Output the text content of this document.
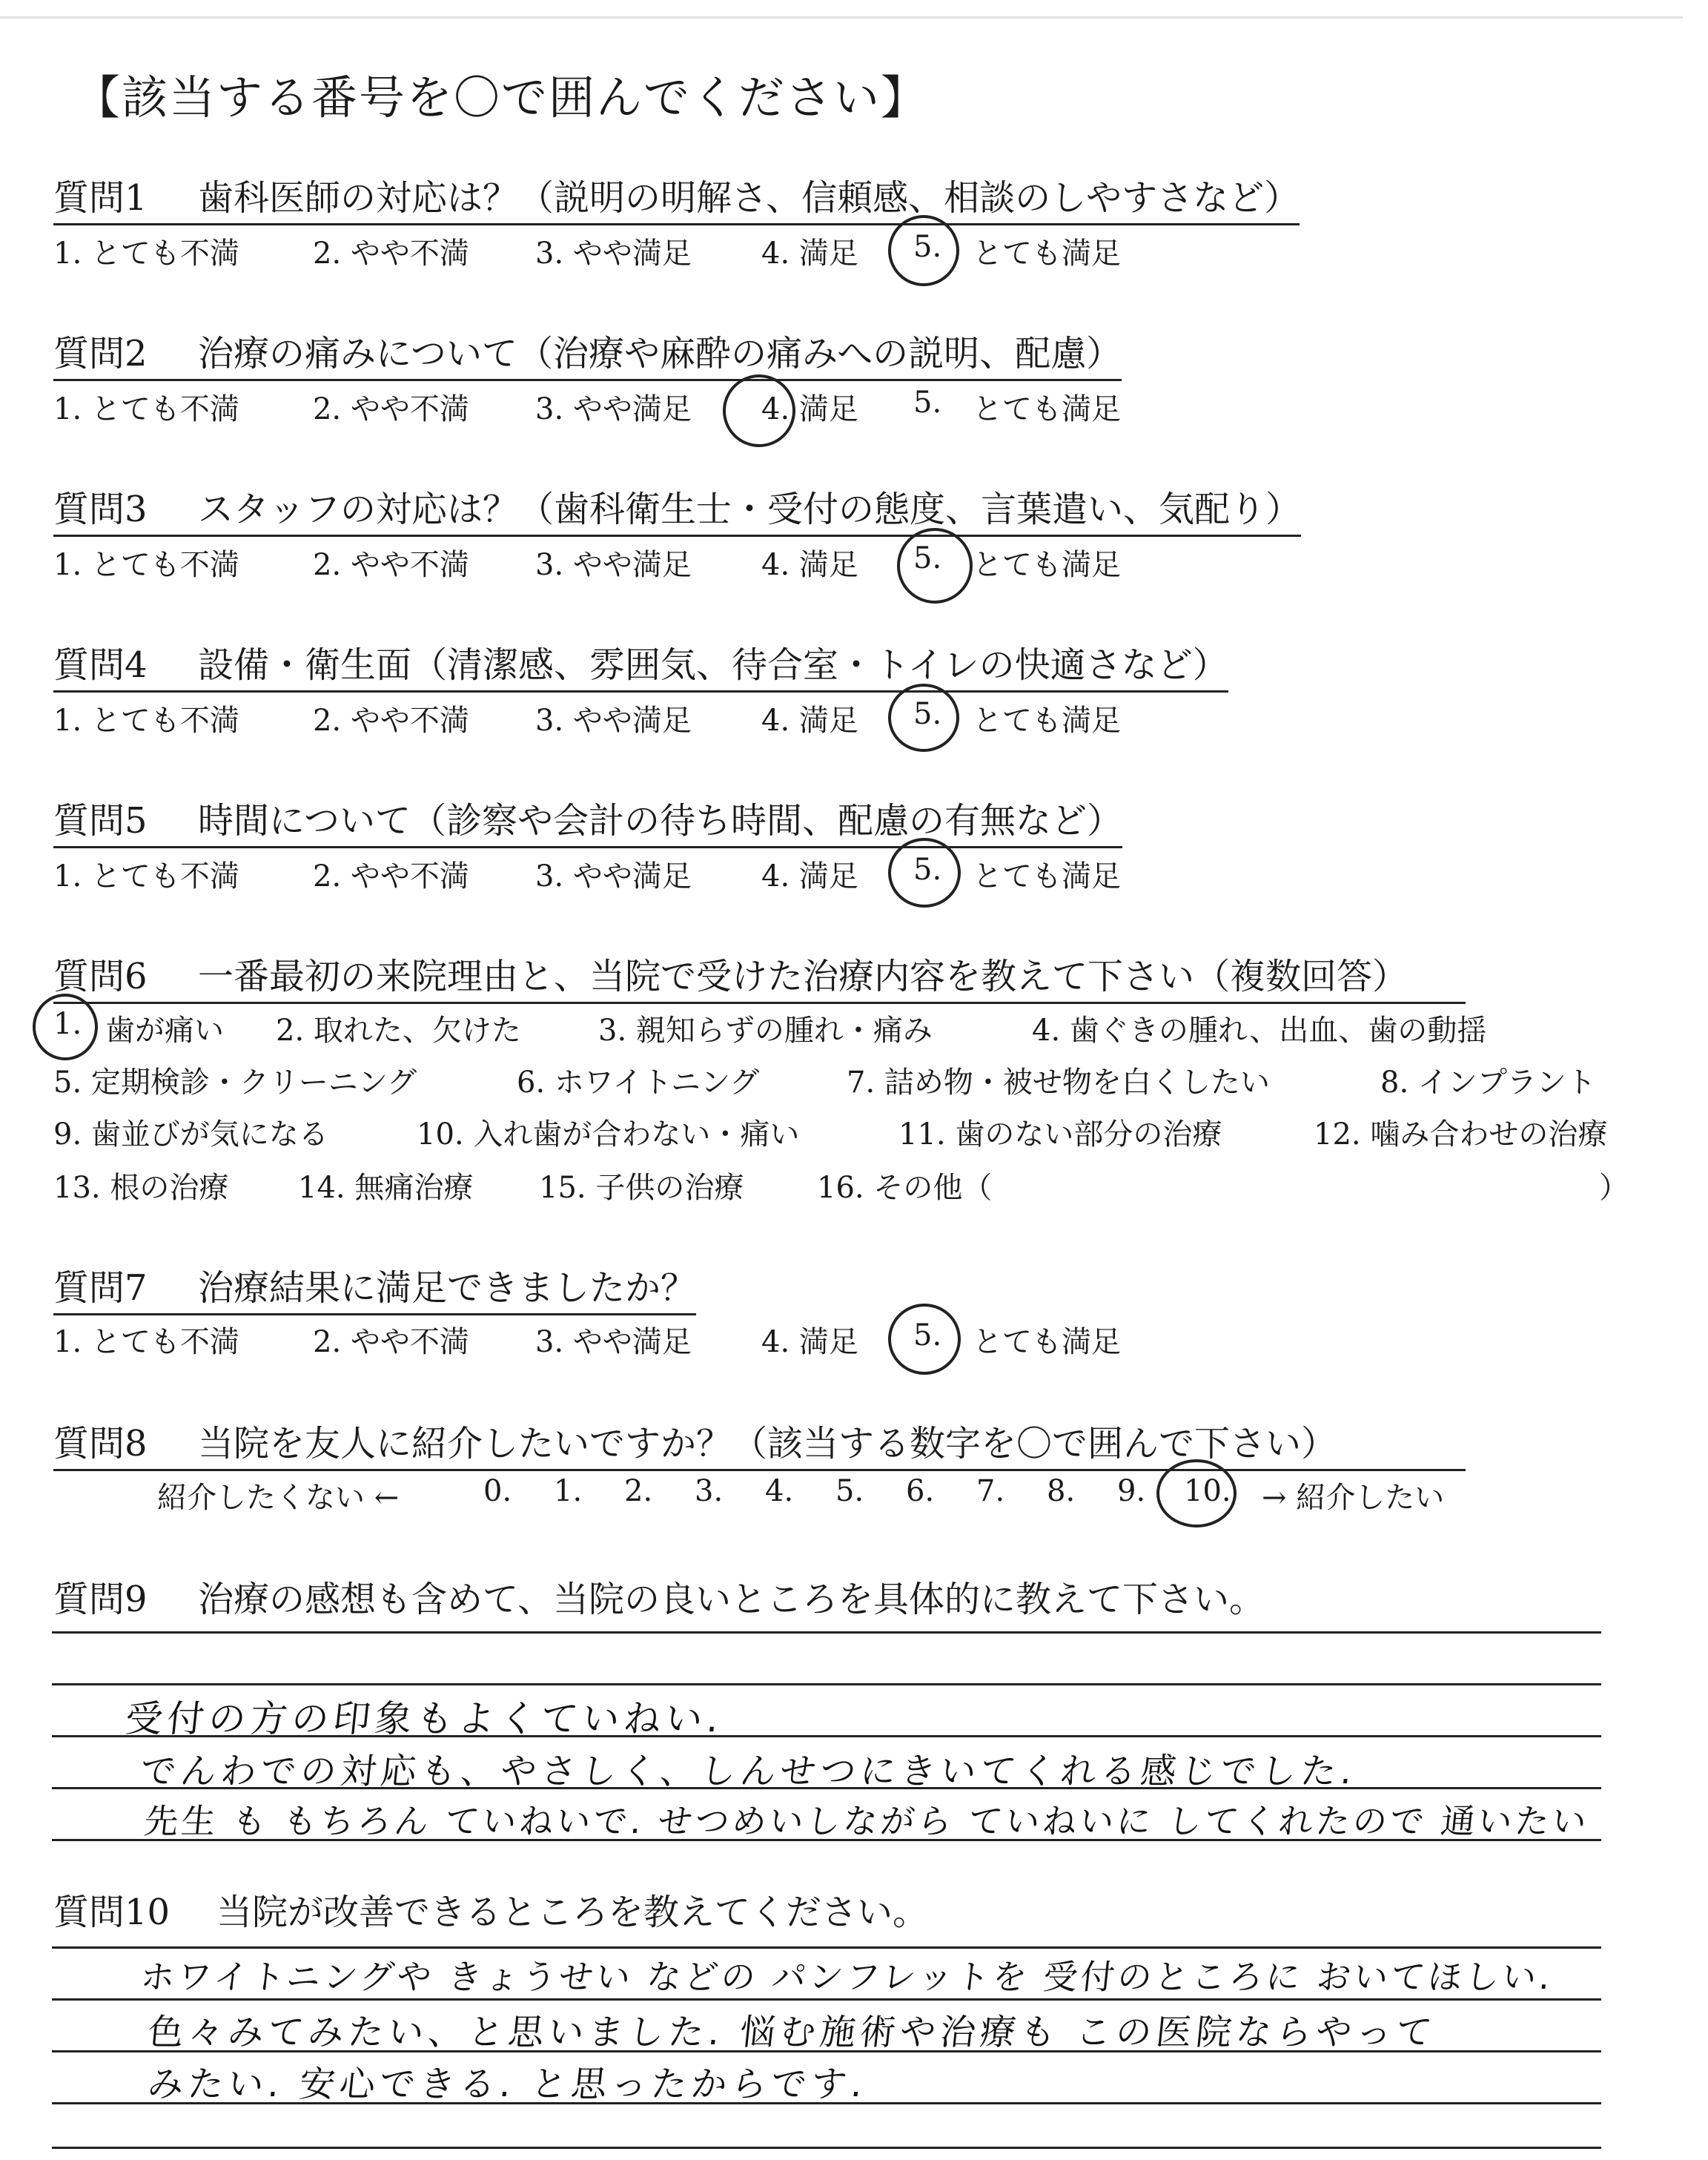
【該当する番号を〇で囲んでください】
質問1 歯科医師の対応は？（説明の明解さ、信頼感、相談のしやすさなど）
1. とても不満 2. やや不満 3. やや満足 4. 満足 5. とても満足
質問2 治療の痛みについて（治療や麻酔の痛みへの説明、配慮）
1. とても不満 2. やや不満 3. やや満足 4. 満足 5. とても満足
質問3 スタッフの対応は？（歯科衛生士・受付の態度、言葉遣い、気配り）
1. とても不満 2. やや不満 3. やや満足 4. 満足 5. とても満足
質問4 設備・衛生面（清潔感、雰囲気、待合室・トイレの快適さなど）
1. とても不満 2. やや不満 3. やや満足 4. 満足 5. とても満足
質問5 時間について（診察や会計の待ち時間、配慮の有無など）
1. とても不満 2. やや不満 3. やや満足 4. 満足 5. とても満足
質問6 一番最初の来院理由と、当院で受けた治療内容を教えて下さい（複数回答）
1. 歯が痛い 2. 取れた、欠けた	3. 親知らずの腫れ・痛み	4. 歯ぐきの腫れ、出血、歯の動揺
5. 定期検診・クリーニング	6. ホワイトニング	7. 詰め物・被せ物を白くしたい	8. インプラント
9. 歯並びが気になる	10. 入れ歯が合わない・痛い	11. 歯のない部分の治療	12. 噛み合わせの治療
13. 根の治療 14. 無痛治療 15. 子供の治療 16. その他（	）
質問7 治療結果に満足できましたか？
1. とても不満 2. やや不満 3. やや満足 4. 満足 5. とても満足
質問8 当院を友人に紹介したいですか？（該当する数字を〇で囲んで下さい）
紹介したくない ←	0. 1. 2. 3. 4. 5. 6. 7. 8. 9. 10. → 紹介したい
質問9 治療の感想も含めて、当院の良いところを具体的に教えて下さい。
受付の方の印象もよくていねい.
でんわでの対応も、やさしく、しんせつにきいてくれる感じでした.
先生 も もちろん ていねいで. せつめいしながら ていねいに してくれたので 通いたい
質問10 当院が改善できるところを教えてください。
ホワイトニングや きょうせい などの パンフレットを 受付のところに おいてほしい.
色々みてみたい、と思いました. 悩む施術や治療も この医院ならやって
みたい. 安心できる. と思ったからです.
